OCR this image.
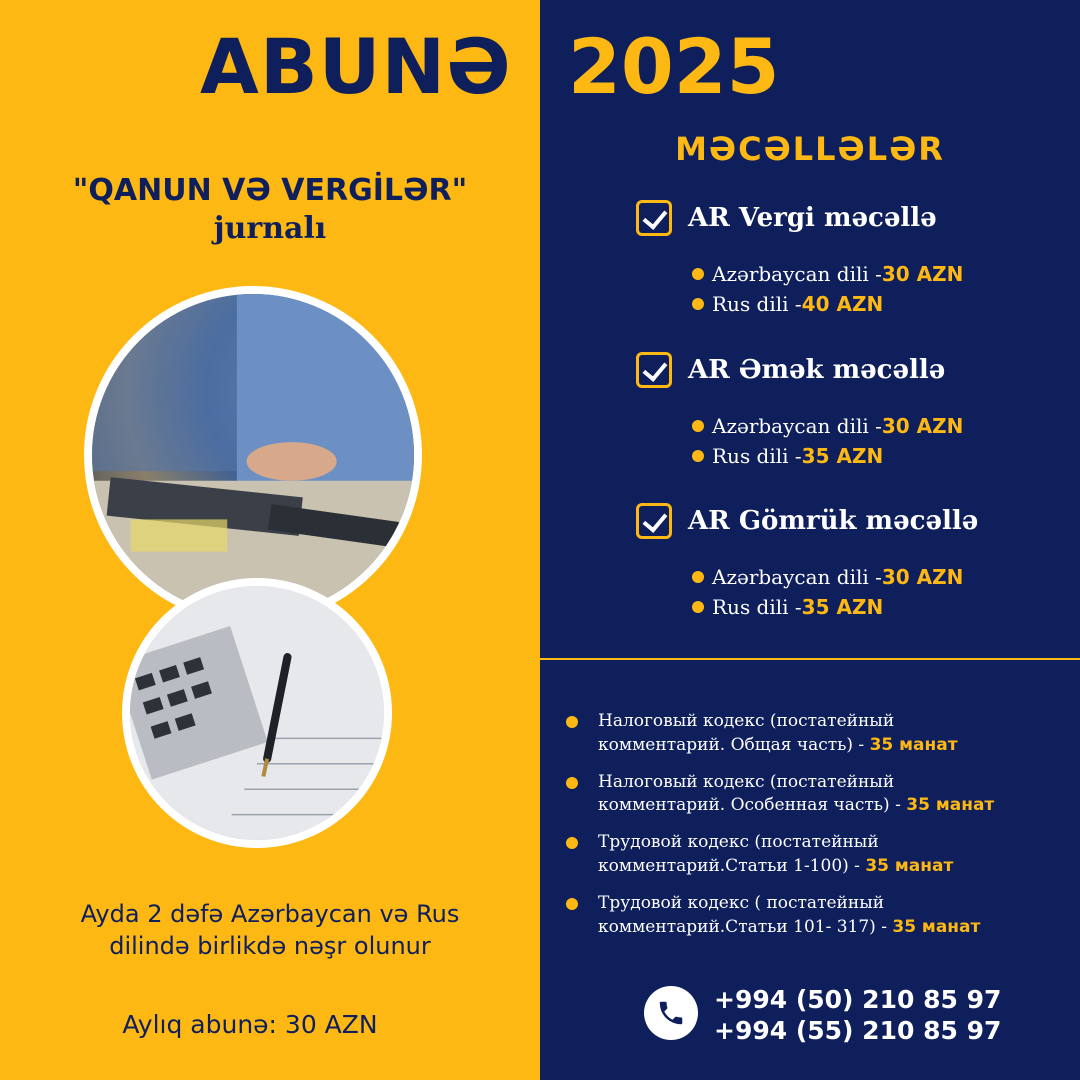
ABUNƏ 2025
"QANUN VƏ VERGİLƏR"
jurnalı
Ayda 2 dəfə Azərbaycan və Rus
dilində birlikdə nəşr olunur
Aylıq abunə: 30 AZN
MƏCƏLLƏLƏR
AR Vergi məcəllə
Azərbaycan dili - 30 AZN
Rus dili - 40 AZN
AR Əmək məcəllə
Azərbaycan dili - 30 AZN
Rus dili - 35 AZN
AR Gömrük məcəllə
Azərbaycan dili - 30 AZN
Rus dili - 35 AZN
Налоговый кодекс (постатейный
комментарий. Общая часть) - 35 манат
Налоговый кодекс (постатейный
комментарий. Особенная часть) - 35 манат
Трудовой кодекс (постатейный
комментарий.Статьи 1-100) - 35 манат
Трудовой кодекс ( постатейный
комментарий.Статьи 101- 317) - 35 манат
+994 (50) 210 85 97
+994 (55) 210 85 97
